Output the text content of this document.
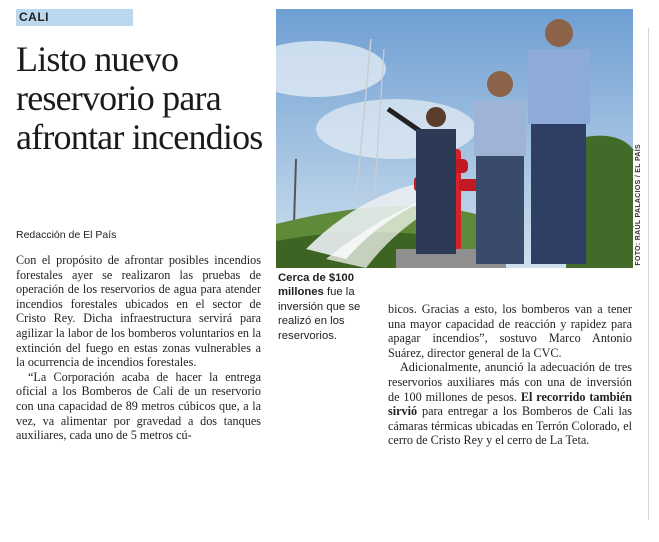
CALI
Listo nuevo reservorio para afrontar incendios
Redacción de El País

Con el propósito de afrontar posibles incendios forestales ayer se realizaron las pruebas de operación de los reservorios de agua para atender incendios forestales ubicados en el sector de Cristo Rey. Dicha infraestructura servirá para agilizar la labor de los bomberos voluntarios en la extinción del fuego en estas zonas vulnerables a la ocurrencia de incendios forestales.

“La Corporación acaba de hacer la entrega oficial a los Bomberos de Cali de un reservorio con una capacidad de 89 metros cúbicos que, a la vez, va alimentar por gravedad a dos tanques auxiliares, cada uno de 5 metros cú-

FOTO: RAÚL PALACIOS / EL PAÍS
Cerca de $100 millones fue la inversión que se realizó en los reservorios.

bicos. Gracias a esto, los bomberos van a tener una mayor capacidad de reacción y rapidez para apagar incendios”, sostuvo Marco Antonio Suárez, director general de la CVC.

Adicionalmente, anunció la adecuación de tres reservorios auxiliares más con una de inversión de 100 millones de pesos. El recorrido también sirvió para entregar a los Bomberos de Cali las cámaras térmicas ubicadas en Terrón Colorado, el cerro de Cristo Rey y el cerro de La Teta.
